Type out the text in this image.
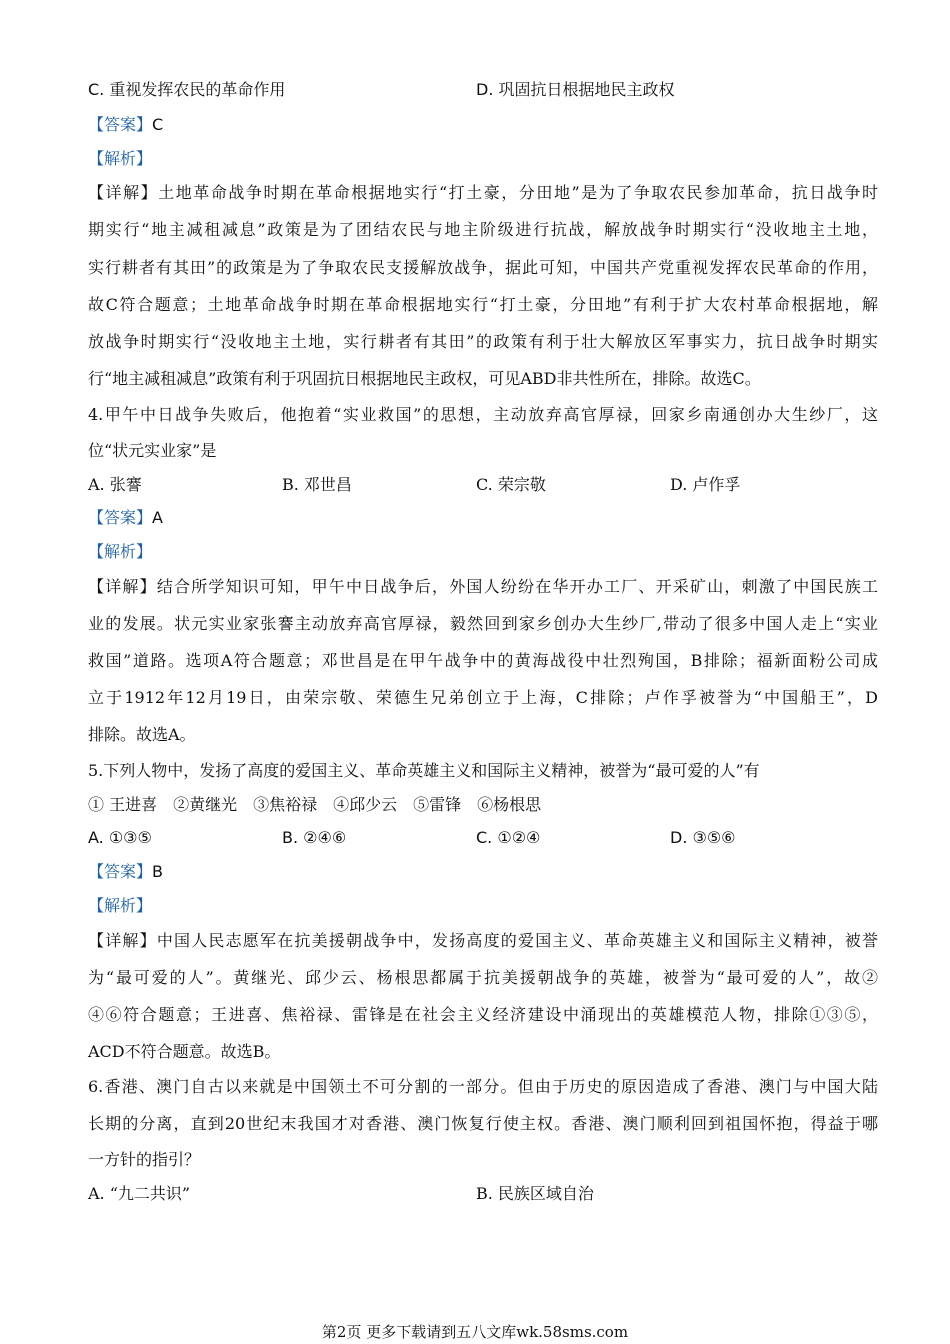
C. 重视发挥农民的革命作用	D. 巩固抗日根据地民主政权
【答案】C
【解析】
【详解】土地革命战争时期在革命根据地实行“打土豪，分田地”是为了争取农民参加革命，抗日战争时
期实行“地主减租减息”政策是为了团结农民与地主阶级进行抗战，解放战争时期实行“没收地主土地，
实行耕者有其田”的政策是为了争取农民支援解放战争，据此可知，中国共产党重视发挥农民革命的作用，
故C符合题意；土地革命战争时期在革命根据地实行“打土豪，分田地”有利于扩大农村革命根据地，解
放战争时期实行“没收地主土地，实行耕者有其田”的政策有利于壮大解放区军事实力，抗日战争时期实
行“地主减租减息”政策有利于巩固抗日根据地民主政权，可见ABD非共性所在，排除。故选C。
4.甲午中日战争失败后，他抱着“实业救国”的思想，主动放弃高官厚禄，回家乡南通创办大生纱厂，这
位“状元实业家”是
A. 张謇	B. 邓世昌	C. 荣宗敬	D. 卢作孚
【答案】A
【解析】
【详解】结合所学知识可知，甲午中日战争后，外国人纷纷在华开办工厂、开采矿山，刺激了中国民族工
业的发展。状元实业家张謇主动放弃高官厚禄，毅然回到家乡创办大生纱厂,带动了很多中国人走上“实业
救国”道路。选项A符合题意；邓世昌是在甲午战争中的黄海战役中壮烈殉国，B排除；福新面粉公司成
立于1912年12月19日，由荣宗敬、荣德生兄弟创立于上海，C排除；卢作孚被誉为“中国船王”，D
排除。故选A。
5.下列人物中，发扬了高度的爱国主义、革命英雄主义和国际主义精神，被誉为“最可爱的人”有
① 王进喜　②黄继光　③焦裕禄　④邱少云　⑤雷锋　⑥杨根思
A. ①③⑤	B. ②④⑥	C. ①②④	D. ③⑤⑥
【答案】B
【解析】
【详解】中国人民志愿军在抗美援朝战争中，发扬高度的爱国主义、革命英雄主义和国际主义精神，被誉
为“最可爱的人”。黄继光、邱少云、杨根思都属于抗美援朝战争的英雄，被誉为“最可爱的人”，故②
④⑥符合题意；王进喜、焦裕禄、雷锋是在社会主义经济建设中涌现出的英雄模范人物，排除①③⑤，
ACD不符合题意。故选B。
6.香港、澳门自古以来就是中国领土不可分割的一部分。但由于历史的原因造成了香港、澳门与中国大陆
长期的分离，直到20世纪末我国才对香港、澳门恢复行使主权。香港、澳门顺利回到祖国怀抱，得益于哪
一方针的指引？
A. “九二共识”	B. 民族区域自治
第2页 更多下载请到五八文库wk.58sms.com
